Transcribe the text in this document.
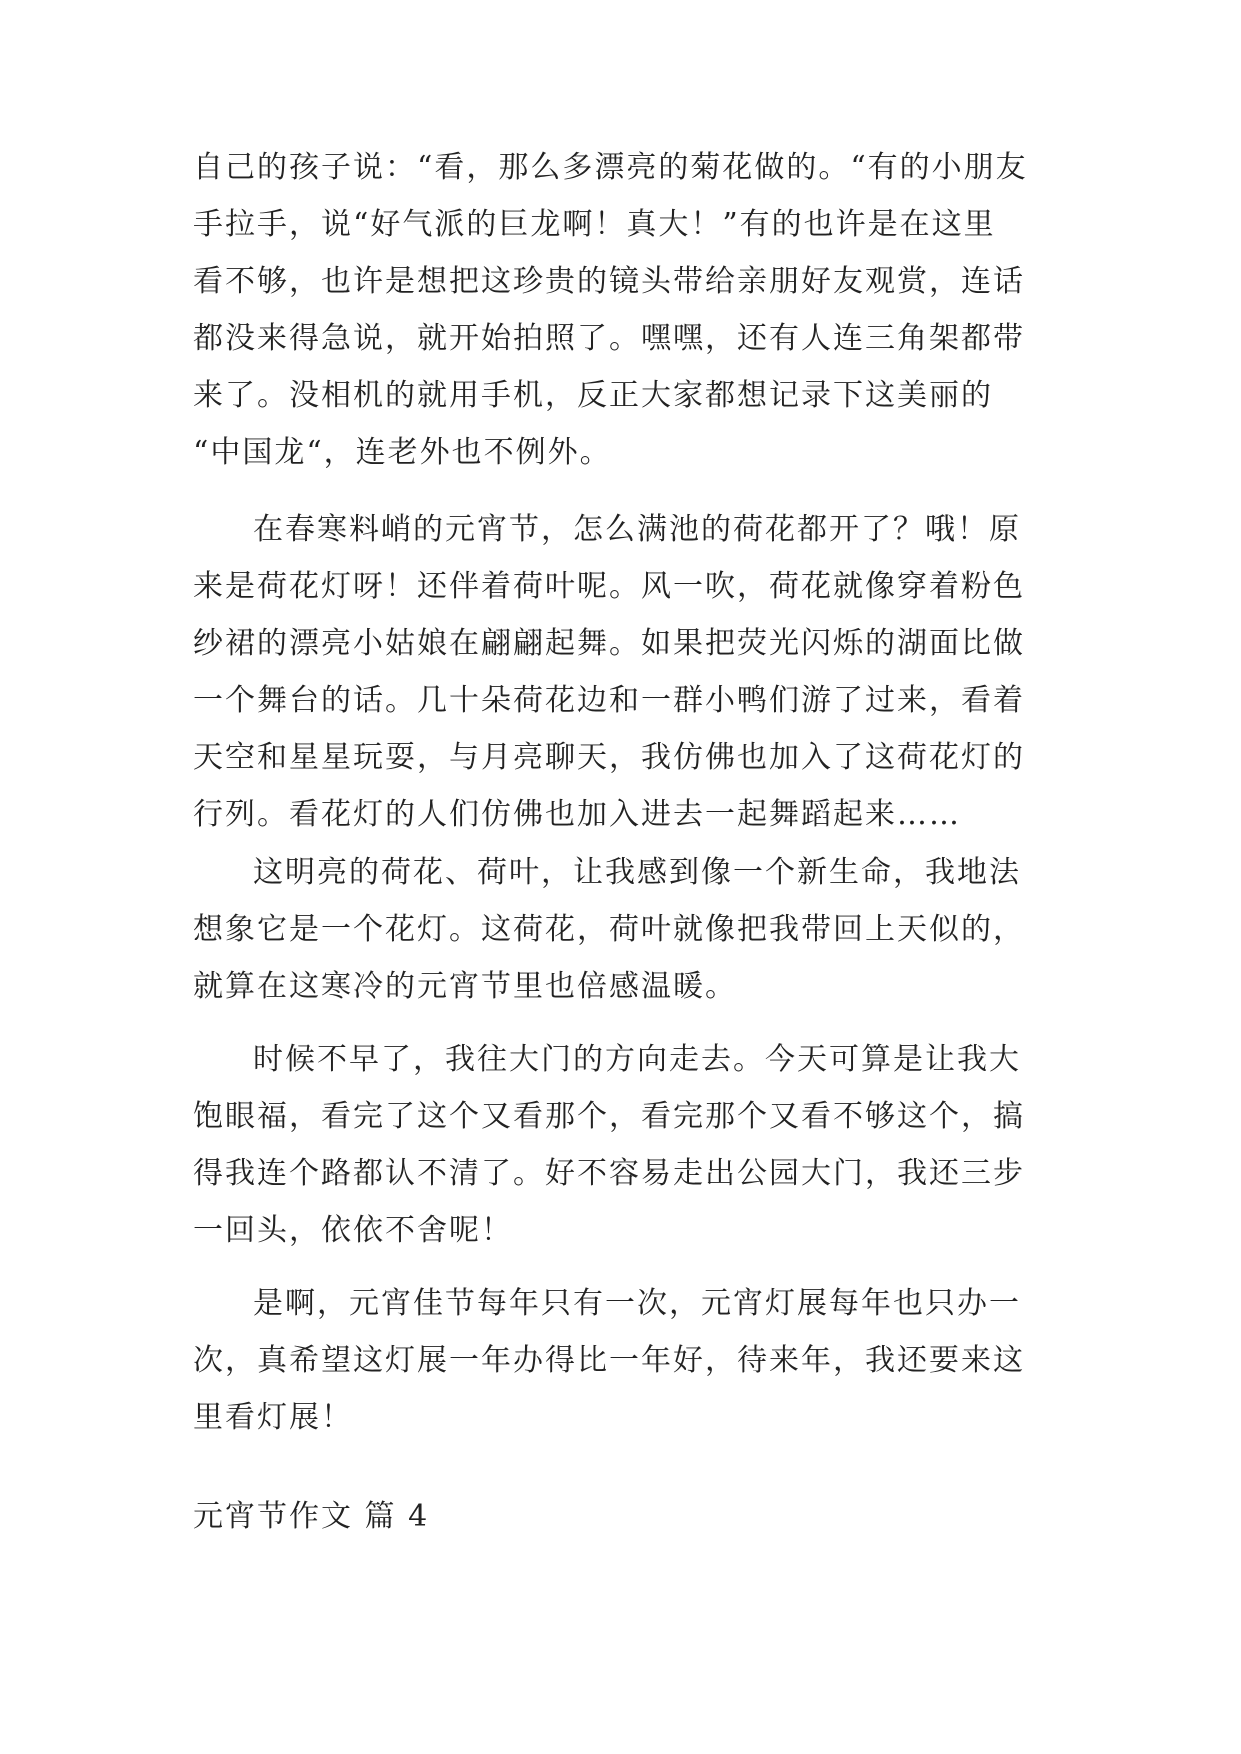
自己的孩子说：“看，那么多漂亮的菊花做的。“有的小朋友
手拉手，说“好气派的巨龙啊！真大！”有的也许是在这里
看不够，也许是想把这珍贵的镜头带给亲朋好友观赏，连话
都没来得急说，就开始拍照了。嘿嘿，还有人连三角架都带
来了。没相机的就用手机，反正大家都想记录下这美丽的
“中国龙“，连老外也不例外。
在春寒料峭的元宵节，怎么满池的荷花都开了？哦！原
来是荷花灯呀！还伴着荷叶呢。风一吹，荷花就像穿着粉色
纱裙的漂亮小姑娘在翩翩起舞。如果把荧光闪烁的湖面比做
一个舞台的话。几十朵荷花边和一群小鸭们游了过来，看着
天空和星星玩耍，与月亮聊天，我仿佛也加入了这荷花灯的
行列。看花灯的人们仿佛也加入进去一起舞蹈起来……
这明亮的荷花、荷叶，让我感到像一个新生命，我地法
想象它是一个花灯。这荷花，荷叶就像把我带回上天似的，
就算在这寒冷的元宵节里也倍感温暖。
时候不早了，我往大门的方向走去。今天可算是让我大
饱眼福，看完了这个又看那个，看完那个又看不够这个，搞
得我连个路都认不清了。好不容易走出公园大门，我还三步
一回头，依依不舍呢！
是啊，元宵佳节每年只有一次，元宵灯展每年也只办一
次，真希望这灯展一年办得比一年好，待来年，我还要来这
里看灯展！
元宵节作文 篇 4
